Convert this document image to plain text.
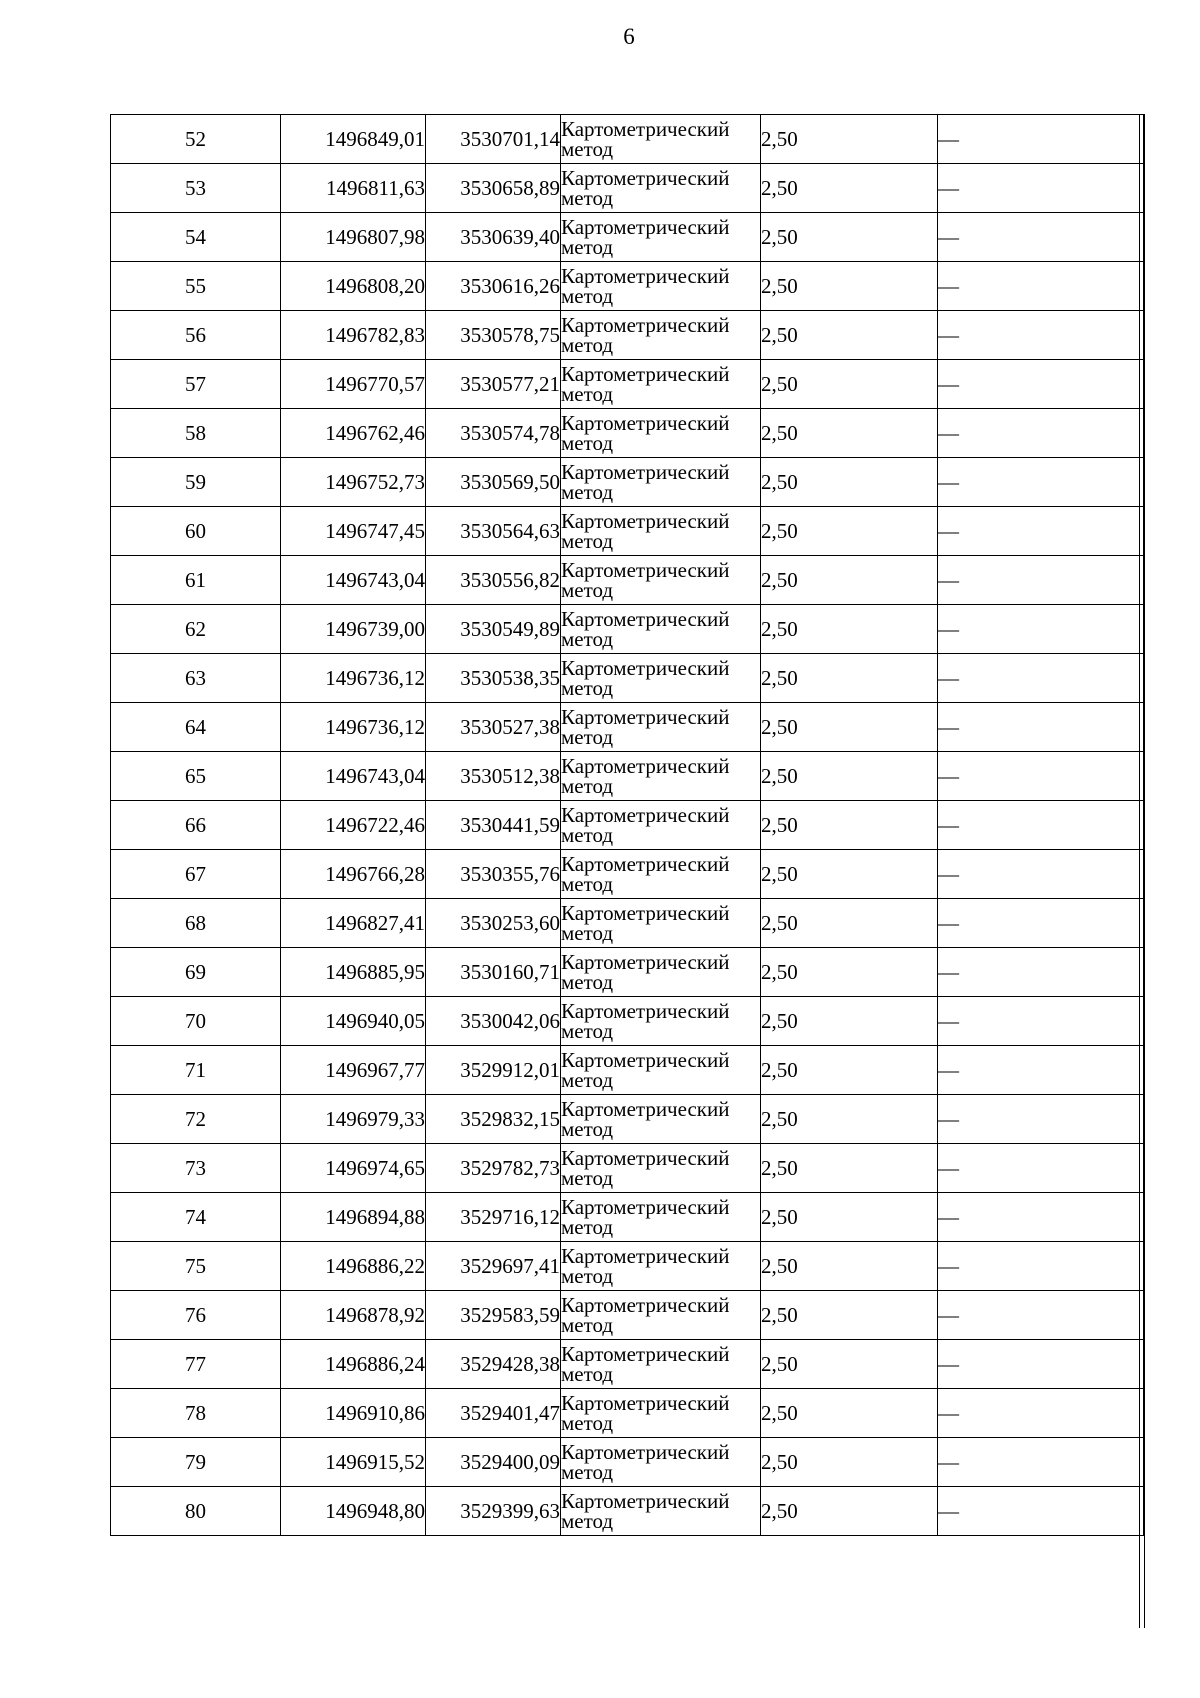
6
52	1496849,01	3530701,14	Картометрический
метод	2,50	—
53	1496811,63	3530658,89	Картометрический
метод	2,50	—
54	1496807,98	3530639,40	Картометрический
метод	2,50	—
55	1496808,20	3530616,26	Картометрический
метод	2,50	—
56	1496782,83	3530578,75	Картометрический
метод	2,50	—
57	1496770,57	3530577,21	Картометрический
метод	2,50	—
58	1496762,46	3530574,78	Картометрический
метод	2,50	—
59	1496752,73	3530569,50	Картометрический
метод	2,50	—
60	1496747,45	3530564,63	Картометрический
метод	2,50	—
61	1496743,04	3530556,82	Картометрический
метод	2,50	—
62	1496739,00	3530549,89	Картометрический
метод	2,50	—
63	1496736,12	3530538,35	Картометрический
метод	2,50	—
64	1496736,12	3530527,38	Картометрический
метод	2,50	—
65	1496743,04	3530512,38	Картометрический
метод	2,50	—
66	1496722,46	3530441,59	Картометрический
метод	2,50	—
67	1496766,28	3530355,76	Картометрический
метод	2,50	—
68	1496827,41	3530253,60	Картометрический
метод	2,50	—
69	1496885,95	3530160,71	Картометрический
метод	2,50	—
70	1496940,05	3530042,06	Картометрический
метод	2,50	—
71	1496967,77	3529912,01	Картометрический
метод	2,50	—
72	1496979,33	3529832,15	Картометрический
метод	2,50	—
73	1496974,65	3529782,73	Картометрический
метод	2,50	—
74	1496894,88	3529716,12	Картометрический
метод	2,50	—
75	1496886,22	3529697,41	Картометрический
метод	2,50	—
76	1496878,92	3529583,59	Картометрический
метод	2,50	—
77	1496886,24	3529428,38	Картометрический
метод	2,50	—
78	1496910,86	3529401,47	Картометрический
метод	2,50	—
79	1496915,52	3529400,09	Картометрический
метод	2,50	—
80	1496948,80	3529399,63	Картометрический
метод	2,50	—
